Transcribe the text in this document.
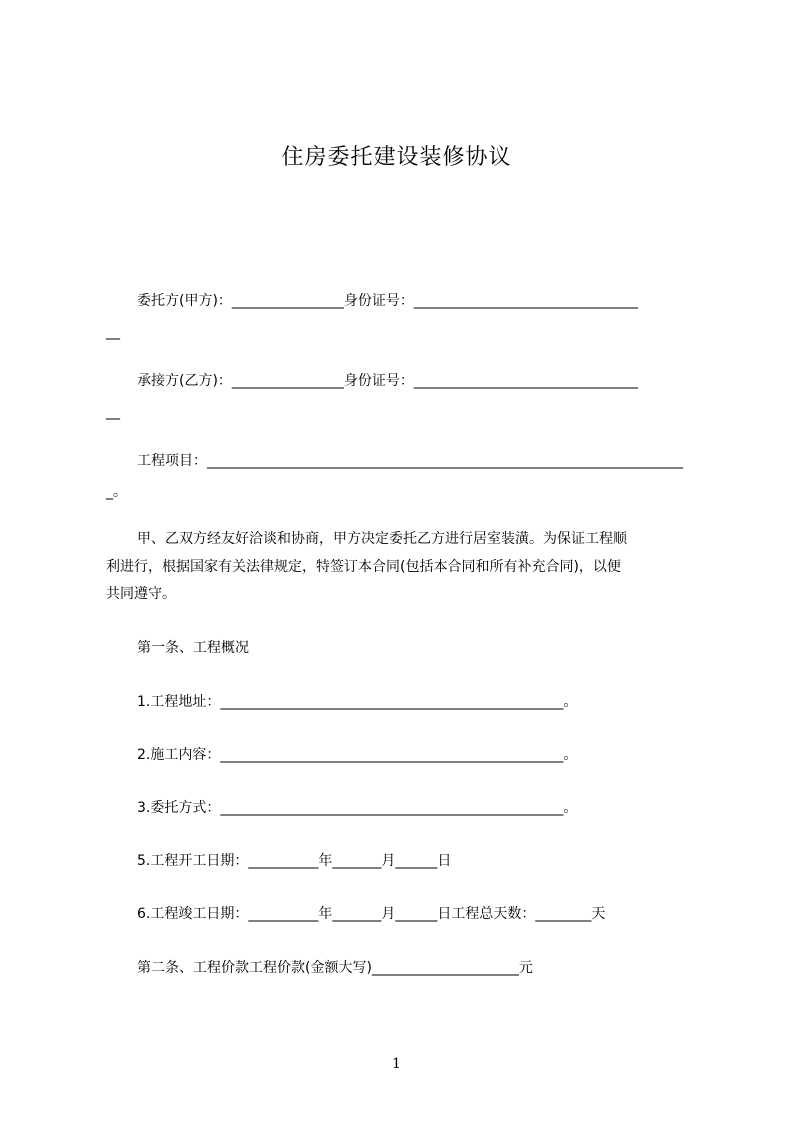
住房委托建设装修协议
委托方(甲方)：________________身份证号：________________________________
__
承接方(乙方)：________________身份证号：________________________________
__
工程项目：____________________________________________________________________
_。
甲、乙双方经友好洽谈和协商，甲方决定委托乙方进行居室装潢。为保证工程顺
利进行，根据国家有关法律规定，特签订本合同(包括本合同和所有补充合同)，以便
共同遵守。
第一条、工程概况
1.工程地址：_________________________________________________。
2.施工内容：_________________________________________________。
3.委托方式：_________________________________________________。
5.工程开工日期：__________年_______月______日
6.工程竣工日期：__________年_______月______日工程总天数：________天
第二条、工程价款工程价款(金额大写)_____________________元
1
